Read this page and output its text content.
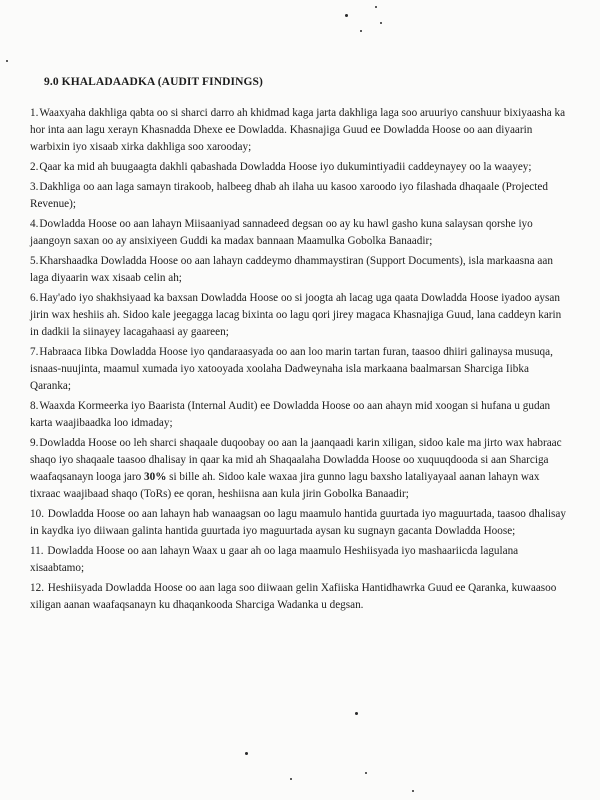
9.0 KHALADAADKA (AUDIT FINDINGS)
1.Waaxyaha dakhliga qabta oo si sharci darro ah khidmad kaga jarta dakhliga laga soo aruuriyo canshuur bixiyaasha ka hor inta aan lagu xerayn Khasnadda Dhexe ee Dowladda. Khasnajiga Guud ee Dowladda Hoose oo aan diyaarin warbixin iyo xisaab xirka dakhliga soo xarooday;
2.Qaar ka mid ah buugaagta dakhli qabashada Dowladda Hoose iyo dukumintiyadii caddeynayey oo la waayey;
3.Dakhliga oo aan laga samayn tirakoob, halbeeg dhab ah ilaha uu kasoo xaroodo iyo filashada dhaqaale (Projected Revenue);
4.Dowladda Hoose oo aan lahayn Miisaaniyad sannadeed degsan oo ay ku hawl gasho kuna salaysan qorshe iyo jaangoyn saxan oo ay ansixiyeen Guddi ka madax bannaan Maamulka Gobolka Banaadir;
5.Kharshaadka Dowladda Hoose oo aan lahayn caddeymo dhammaystiran (Support Documents), isla markaasna aan laga diyaarin wax xisaab celin ah;
6.Hay'ado iyo shakhsiyaad ka baxsan Dowladda Hoose oo si joogta ah lacag uga qaata Dowladda Hoose iyadoo aysan jirin wax heshiis ah. Sidoo kale jeegagga lacag bixinta oo lagu qori jirey magaca Khasnajiga Guud, lana caddeyn karin in dadkii la siinayey lacagahaasi ay gaareen;
7.Habraaca Iibka Dowladda Hoose iyo qandaraasyada oo aan loo marin tartan furan, taasoo dhiiri galinaysa musuqa, isnaas-nuujinta, maamul xumada iyo xatooyada xoolaha Dadweynaha isla markaana baalmarsan Sharciga Iibka Qaranka;
8.Waaxda Kormeerka iyo Baarista (Internal Audit) ee Dowladda Hoose oo aan ahayn mid xoogan si hufana u gudan karta waajibaadka loo idmaday;
9.Dowladda Hoose oo leh sharci shaqaale duqoobay oo aan la jaanqaadi karin xiligan, sidoo kale ma jirto wax habraac shaqo iyo shaqaale taasoo dhalisay in qaar ka mid ah Shaqaalaha Dowladda Hoose oo xuquuqdooda si aan Sharciga waafaqsanayn looga jaro 30% si bille ah. Sidoo kale waxaa jira gunno lagu baxsho lataliyayaal aanan lahayn wax tixraac waajibaad shaqo (ToRs) ee qoran, heshiisna aan kula jirin Gobolka Banaadir;
10. Dowladda Hoose oo aan lahayn hab wanaagsan oo lagu maamulo hantida guurtada iyo maguurtada, taasoo dhalisay in kaydka iyo diiwaan galinta hantida guurtada iyo maguurtada aysan ku sugnayn gacanta Dowladda Hoose;
11. Dowladda Hoose oo aan lahayn Waax u gaar ah oo laga maamulo Heshiisyada iyo mashaariicda lagulana xisaabtamo;
12. Heshiisyada Dowladda Hoose oo aan laga soo diiwaan gelin Xafiiska Hantidhawrka Guud ee Qaranka, kuwaasoo xiligan aanan waafaqsanayn ku dhaqankooda Sharciga Wadanka u degsan.
